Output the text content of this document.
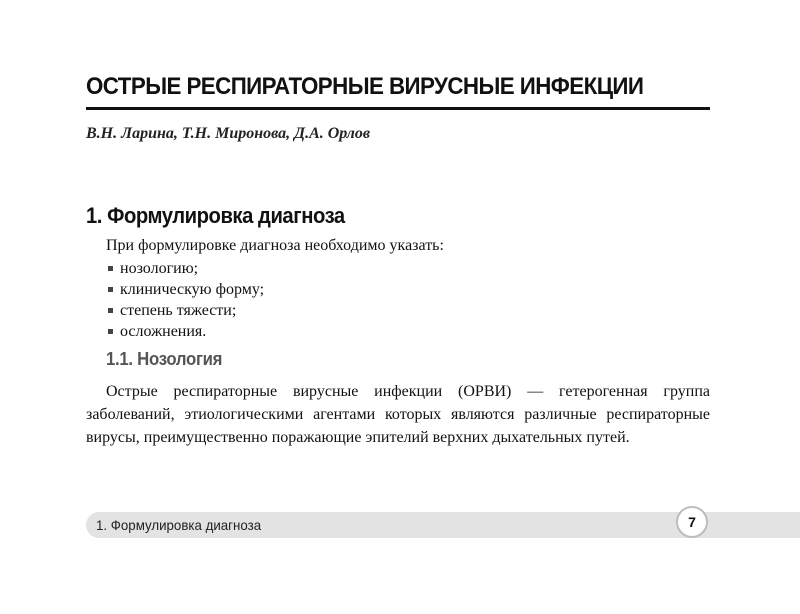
ОСТРЫЕ РЕСПИРАТОРНЫЕ ВИРУСНЫЕ ИНФЕКЦИИ
В.Н. Ларина, Т.Н. Миронова, Д.А. Орлов
1. Формулировка диагноза
При формулировке диагноза необходимо указать:
нозологию;
клиническую форму;
степень тяжести;
осложнения.
1.1. Нозология

Острые респираторные вирусные инфекции (ОРВИ) — гетерогенная группа заболеваний, этиологическими агентами которых являются различные респираторные вирусы, преимущественно поражающие эпителий верхних дыхательных путей.

1. Формулировка диагноза	7
